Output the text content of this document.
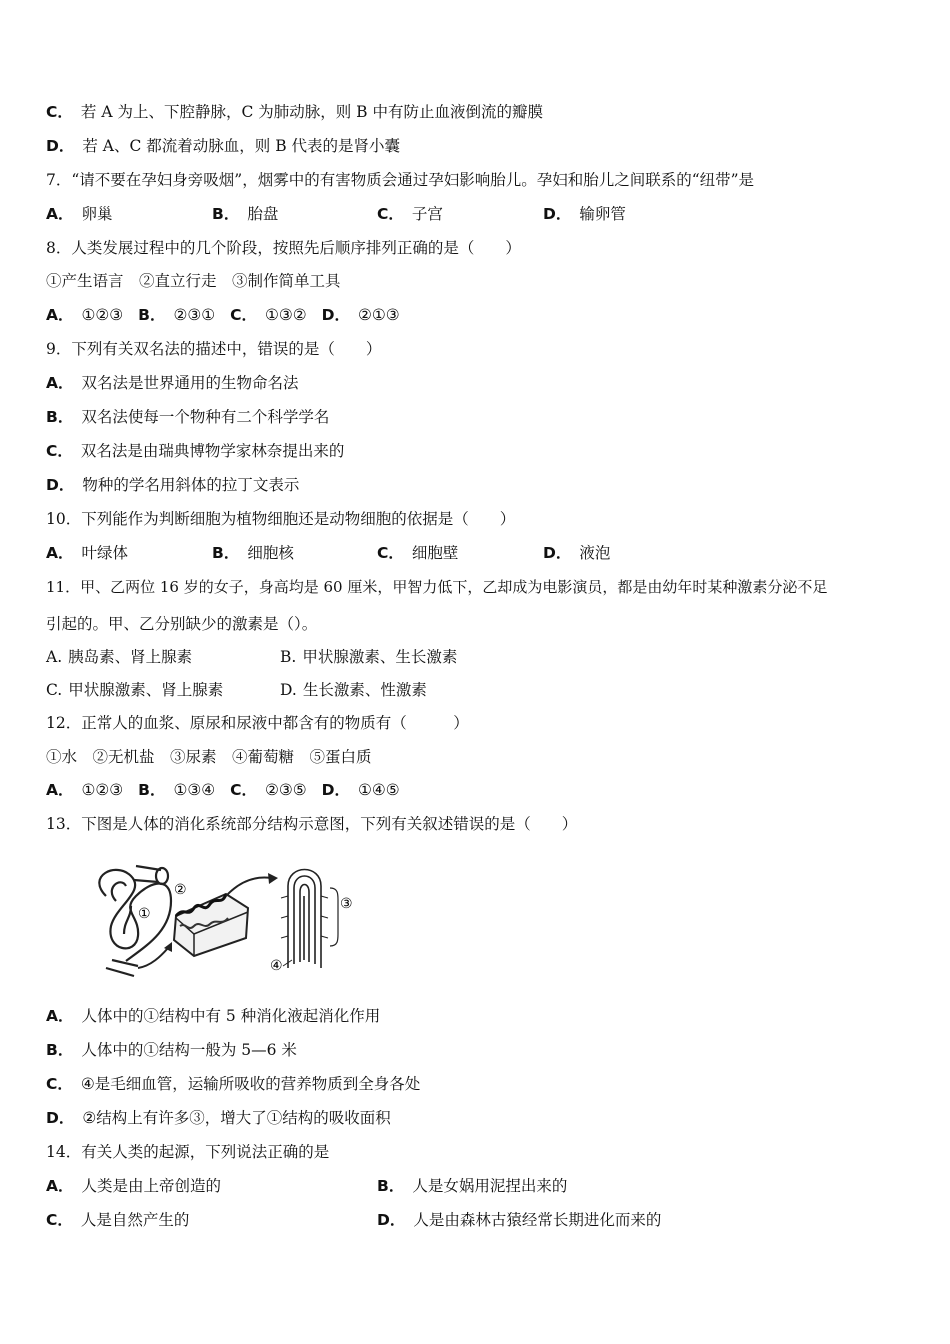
C． 若 A 为上、下腔静脉，C 为肺动脉，则 B 中有防止血液倒流的瓣膜
D． 若 A、C 都流着动脉血，则 B 代表的是肾小囊
7．“请不要在孕妇身旁吸烟”，烟雾中的有害物质会通过孕妇影响胎儿。孕妇和胎儿之间联系的“纽带”是
A． 卵巢	B． 胎盘	C． 子宫	D． 输卵管
8．人类发展过程中的几个阶段，按照先后顺序排列正确的是（　　）
①产生语言　②直立行走　③制作简单工具
A． ①②③ B． ②③① C． ①③② D． ②①③
9．下列有关双名法的描述中，错误的是（　　）
A． 双名法是世界通用的生物命名法
B． 双名法使每一个物种有二个科学学名
C． 双名法是由瑞典博物学家林奈提出来的
D． 物种的学名用斜体的拉丁文表示
10．下列能作为判断细胞为植物细胞还是动物细胞的依据是（　　）
A． 叶绿体	B． 细胞核	C． 细胞壁	D． 液泡
11．甲、乙两位 16 岁的女子，身高均是 60 厘米，甲智力低下，乙却成为电影演员，都是由幼年时某种激素分泌不足
引起的。甲、乙分别缺少的激素是（）。
A. 胰岛素、肾上腺素	B. 甲状腺激素、生长激素
C. 甲状腺激素、肾上腺素	D. 生长激素、性激素
12．正常人的血浆、原尿和尿液中都含有的物质有（　　　）
①水　②无机盐　③尿素　④葡萄糖　⑤蛋白质
A． ①②③ B． ①③④ C． ②③⑤ D． ①④⑤
13．下图是人体的消化系统部分结构示意图，下列有关叙述错误的是（　　）
①
②
③
④
A． 人体中的①结构中有 5 种消化液起消化作用
B． 人体中的①结构一般为 5—6 米
C． ④是毛细血管，运输所吸收的营养物质到全身各处
D． ②结构上有许多③，增大了①结构的吸收面积
14．有关人类的起源，下列说法正确的是
A． 人类是由上帝创造的	B． 人是女娲用泥捏出来的
C． 人是自然产生的	D． 人是由森林古猿经常长期进化而来的
